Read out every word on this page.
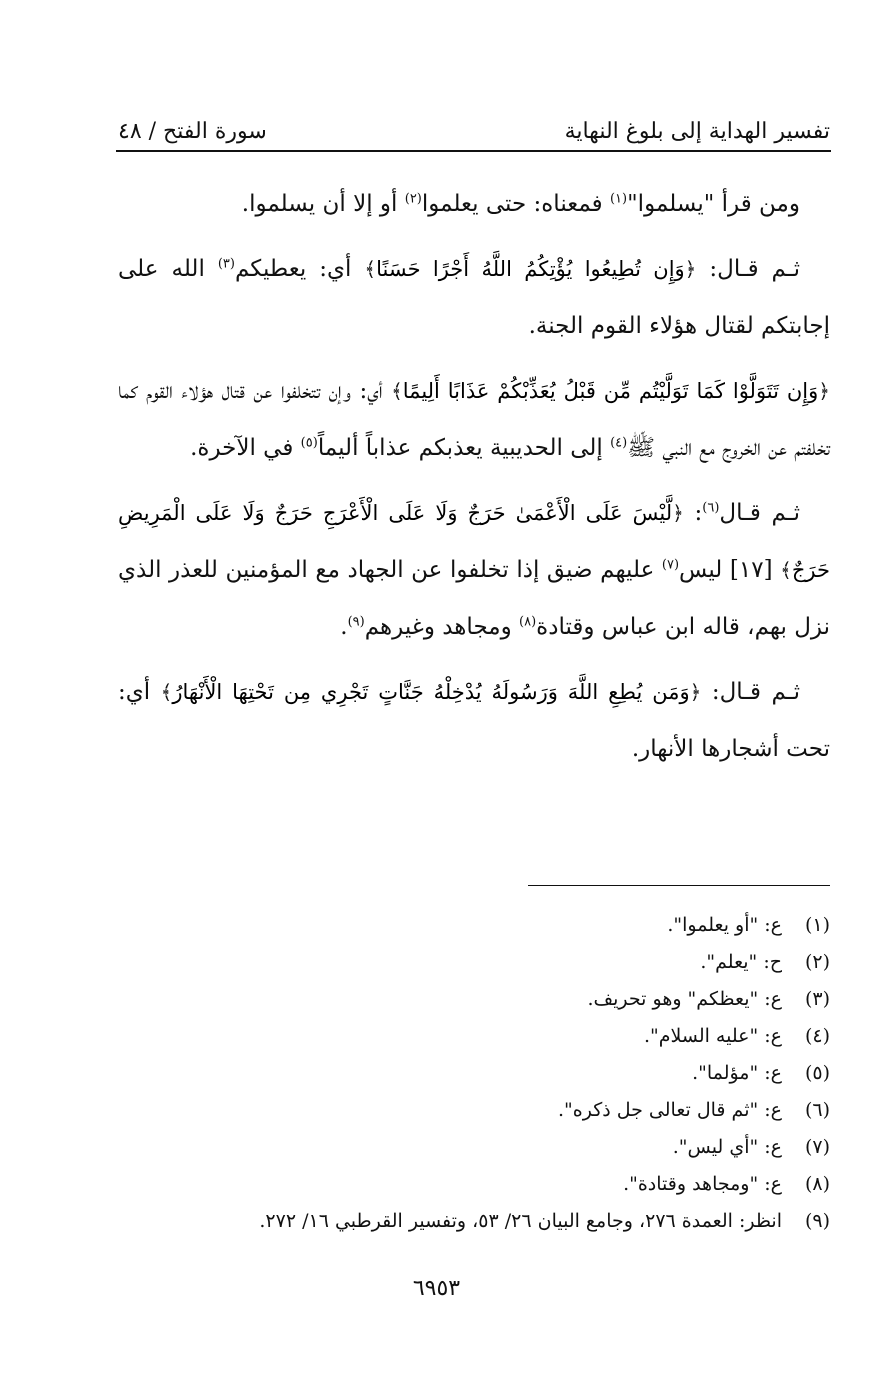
تفسير الهداية إلى بلوغ النهاية
سورة الفتح / ٤٨

ومن قرأ "يسلموا"$^{(١)}$ فمعناه: حتى يعلموا$^{(٢)}$ أو إلا أن يسلموا.

ثـم قـال: ﴿وَإِن تُطِيعُوا يُؤْتِكُمُ اللَّهُ أَجْرًا حَسَنًا﴾ أي: يعطيكم$^{(٣)}$ الله على إجابتكم لقتال هؤلاء القوم الجنة.

﴿وَإِن تَتَوَلَّوْا كَمَا تَوَلَّيْتُم مِّن قَبْلُ يُعَذِّبْكُمْ عَذَابًا أَلِيمًا﴾ أي: وإن تتخلفوا عن قتال هؤلاء القوم كما تخلفتم عن الخروج مع النبي ﷺ$^{(٤)}$ إلى الحديبية يعذبكم عذاباً أليماً$^{(٥)}$ في الآخرة.

ثـم قـال$^{(٦)}$: ﴿لَّيْسَ عَلَى الْأَعْمَىٰ حَرَجٌ وَلَا عَلَى الْأَعْرَجِ حَرَجٌ وَلَا عَلَى الْمَرِيضِ حَرَجٌ﴾ [١٧] ليس$^{(٧)}$ عليهم ضيق إذا تخلفوا عن الجهاد مع المؤمنين للعذر الذي نزل بهم، قاله ابن عباس وقتادة$^{(٨)}$ ومجاهد وغيرهم$^{(٩)}$.

ثـم قـال: ﴿وَمَن يُطِعِ اللَّهَ وَرَسُولَهُ يُدْخِلْهُ جَنَّاتٍ تَجْرِي مِن تَحْتِهَا الْأَنْهَارُ﴾ أي: تحت أشجارها الأنهار.

(١)
ع: "أو يعلموا".
(٢)
ح: "يعلم".
(٣)
ع: "يعظكم" وهو تحريف.
(٤)
ع: "عليه السلام".
(٥)
ع: "مؤلما".
(٦)
ع: "ثم قال تعالى جل ذكره".
(٧)
ع: "أي ليس".
(٨)
ع: "ومجاهد وقتادة".
(٩)
انظر: العمدة ٢٧٦، وجامع البيان ٢٦/ ٥٣، وتفسير القرطبي ١٦/ ٢٧٢.
٦٩٥٣
